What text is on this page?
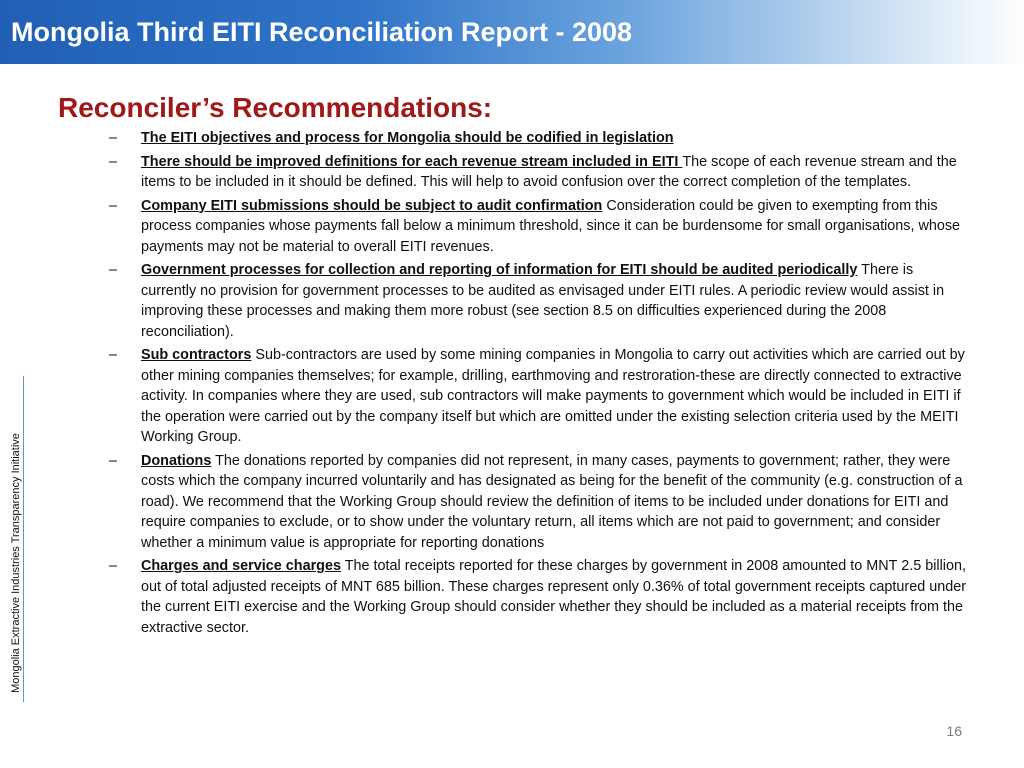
Mongolia Third EITI Reconciliation Report - 2008
Reconciler’s Recommendations:
Mongolia Extractive Industries Transparency Initiative
–	The EITI objectives and process for Mongolia should be codified in legislation
–	There should be improved definitions for each revenue stream included in EITI The scope of each revenue stream and the items to be included in it should be defined. This will help to avoid confusion over the correct completion of the templates.
–	Company EITI submissions should be subject to audit confirmation Consideration could be given to exempting from this process companies whose payments fall below a minimum threshold, since it can be burdensome for small organisations, whose payments may not be material to overall EITI revenues.
–	Government processes for collection and reporting of information for EITI should be audited periodically There is currently no provision for government processes to be audited as envisaged under EITI rules. A periodic review would assist in improving these processes and making them more robust (see section 8.5 on difficulties experienced during the 2008 reconciliation).
–	Sub contractors Sub-contractors are used by some mining companies in Mongolia to carry out activities which are carried out by other mining companies themselves; for example, drilling, earthmoving and restroration-these are directly connected to extractive activity. In companies where they are used, sub contractors will make payments to government which would be included in EITI if the operation were carried out by the company itself but which are omitted under the existing selection criteria used by the MEITI Working Group.
–	Donations The donations reported by companies did not represent, in many cases, payments to government; rather, they were costs which the company incurred voluntarily and has designated as being for the benefit of the community (e.g. construction of a road). We recommend that the Working Group should review the definition of items to be included under donations for EITI and require companies to exclude, or to show under the voluntary return, all items which are not paid to government; and consider whether a minimum value is appropriate for reporting donations
–	Charges and service charges The total receipts reported for these charges by government in 2008 amounted to MNT 2.5 billion, out of total adjusted receipts of MNT 685 billion. These charges represent only 0.36% of total government receipts captured under the current EITI exercise and the Working Group should consider whether they should be included as a material receipts from the extractive sector.
16
